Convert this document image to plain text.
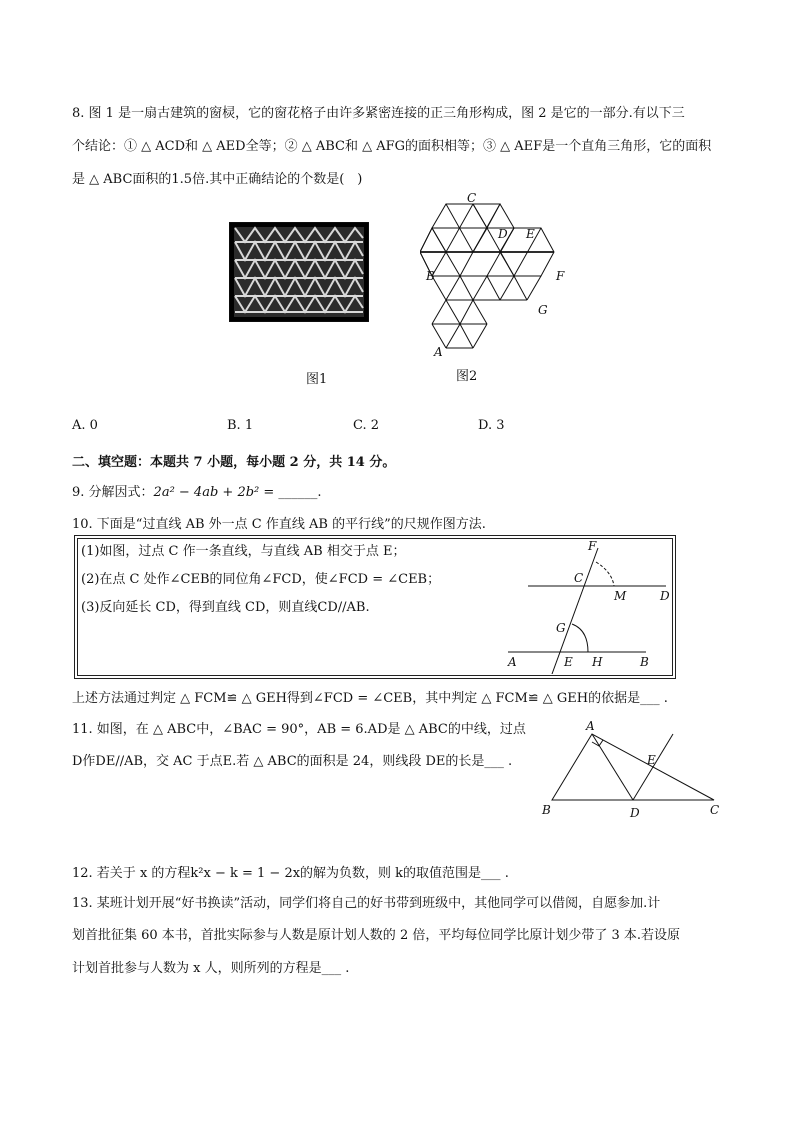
8. 图 1 是一扇古建筑的窗棂，它的窗花格子由许多紧密连接的正三角形构成，图 2 是它的一部分.有以下三
个结论：① △ ACD和 △ AED全等；② △ ABC和 △ AFG的面积相等；③ △ AEF是一个直角三角形，它的面积
是 △ ABC面积的1.5倍.其中正确结论的个数是(　)
图1
C
D E
B	F
G
A
图2
A. 0	B. 1	C. 2	D. 3
二、填空题：本题共 7 小题，每小题 2 分，共 14 分。
9. 分解因式：2a² − 4ab + 2b² = ______.
10. 下面是“过直线 AB 外一点 C 作直线 AB 的平行线”的尺规作图方法.
(1)如图，过点 C 作一条直线，与直线 AB 相交于点 E；
(2)在点 C 处作∠CEB的同位角∠FCD，使∠FCD = ∠CEB；
(3)反向延长 CD，得到直线 CD，则直线CD//AB.
F
C
M	D
G
A	E H	B
上述方法通过判定 △ FCM≌ △ GEH得到∠FCD = ∠CEB，其中判定 △ FCM≌ △ GEH的依据是___ .
11. 如图，在 △ ABC中，∠BAC = 90°，AB = 6.AD是 △ ABC的中线，过点
D作DE//AB，交 AC 于点E.若 △ ABC的面积是 24，则线段 DE的长是___ .
A
E
B	D	C
12. 若关于 x 的方程k²x − k = 1 − 2x的解为负数，则 k的取值范围是___ .
13. 某班计划开展“好书换读”活动，同学们将自己的好书带到班级中，其他同学可以借阅，自愿参加.计
划首批征集 60 本书，首批实际参与人数是原计划人数的 2 倍，平均每位同学比原计划少带了 3 本.若设原
计划首批参与人数为 x 人，则所列的方程是___ .
